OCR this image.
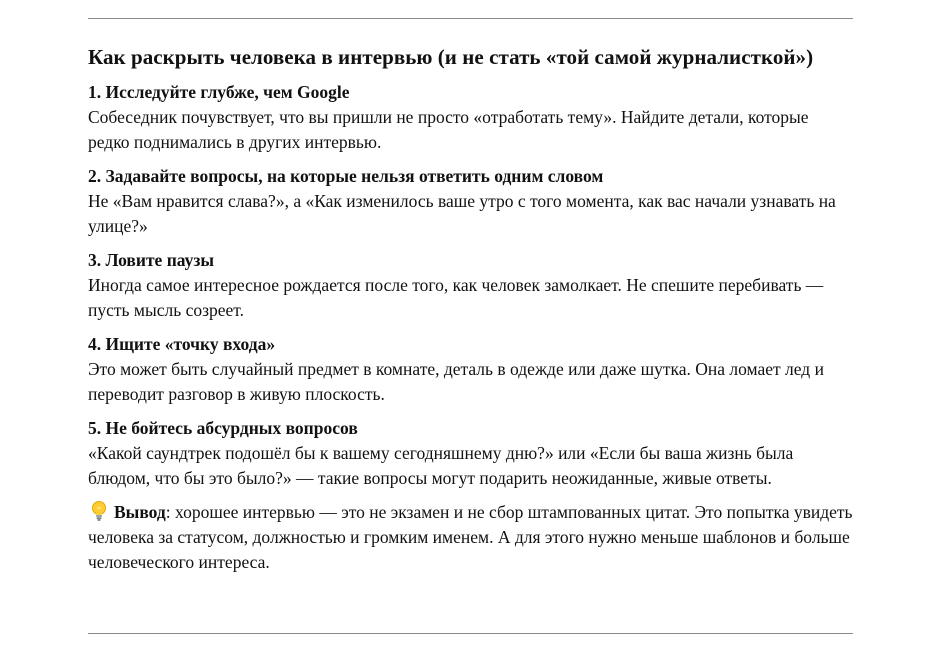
Как раскрыть человека в интервью (и не стать «той самой журналисткой»)

1. Исследуйте глубже, чем Google

Собеседник почувствует, что вы пришли не просто «отработать тему». Найдите детали, которые редко поднимались в других интервью.

2. Задавайте вопросы, на которые нельзя ответить одним словом

Не «Вам нравится слава?», а «Как изменилось ваше утро с того момента, как вас начали узнавать на улице?»

3. Ловите паузы

Иногда самое интересное рождается после того, как человек замолкает. Не спешите перебивать — пусть мысль созреет.

4. Ищите «точку входа»

Это может быть случайный предмет в комнате, деталь в одежде или даже шутка. Она ломает лед и переводит разговор в живую плоскость.

5. Не бойтесь абсурдных вопросов

«Какой саундтрек подошёл бы к вашему сегодняшнему дню?» или «Если бы ваша жизнь была блюдом, что бы это было?» — такие вопросы могут подарить неожиданные, живые ответы.

Вывод: хорошее интервью — это не экзамен и не сбор штампованных цитат. Это попытка увидеть человека за статусом, должностью и громким именем. А для этого нужно меньше шаблонов и больше человеческого интереса.
